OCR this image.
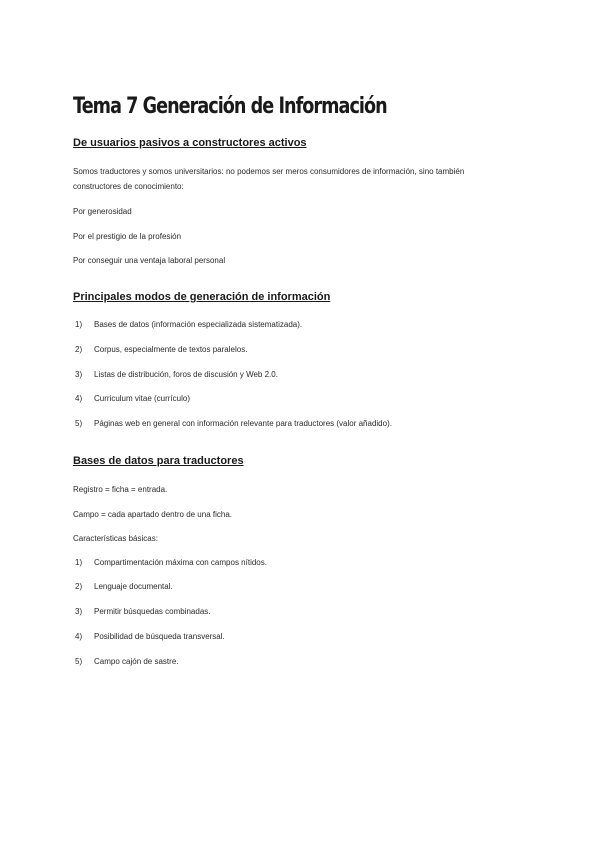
Tema 7 Generación de Información
De usuarios pasivos a constructores activos

Somos traductores y somos universitarios: no podemos ser meros consumidores de información, sino también

constructores de conocimiento:

Por generosidad

Por el prestigio de la profesión

Por conseguir una ventaja laboral personal

Principales modos de generación de información
1) Bases de datos (información especializada sistematizada).
2) Corpus, especialmente de textos paralelos.
3) Listas de distribución, foros de discusión y Web 2.0.
4) Curriculum vitae (currículo)
5) Páginas web en general con información relevante para traductores (valor añadido).
Bases de datos para traductores

Registro = ficha = entrada.

Campo = cada apartado dentro de una ficha.

Características básicas:

1) Compartimentación máxima con campos nítidos.
2) Lenguaje documental.
3) Permitir búsquedas combinadas.
4) Posibilidad de búsqueda transversal.
5) Campo cajón de sastre.
